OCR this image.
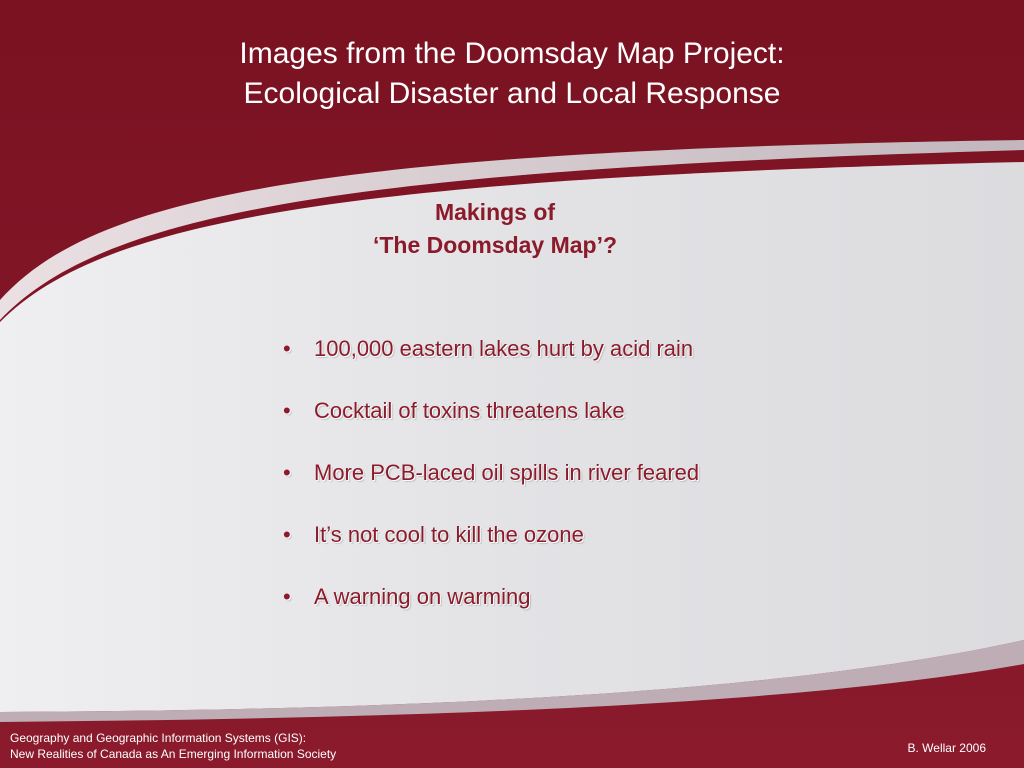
Images from the Doomsday Map Project:
Ecological Disaster and Local Response
Makings of
‘The Doomsday Map’?
• 100,000 eastern lakes hurt by acid rain
• Cocktail of toxins threatens lake
• More PCB-laced oil spills in river feared
• It’s not cool to kill the ozone
• A warning on warming
Geography and Geographic Information Systems (GIS):
New Realities of Canada as An Emerging Information Society	B. Wellar 2006
